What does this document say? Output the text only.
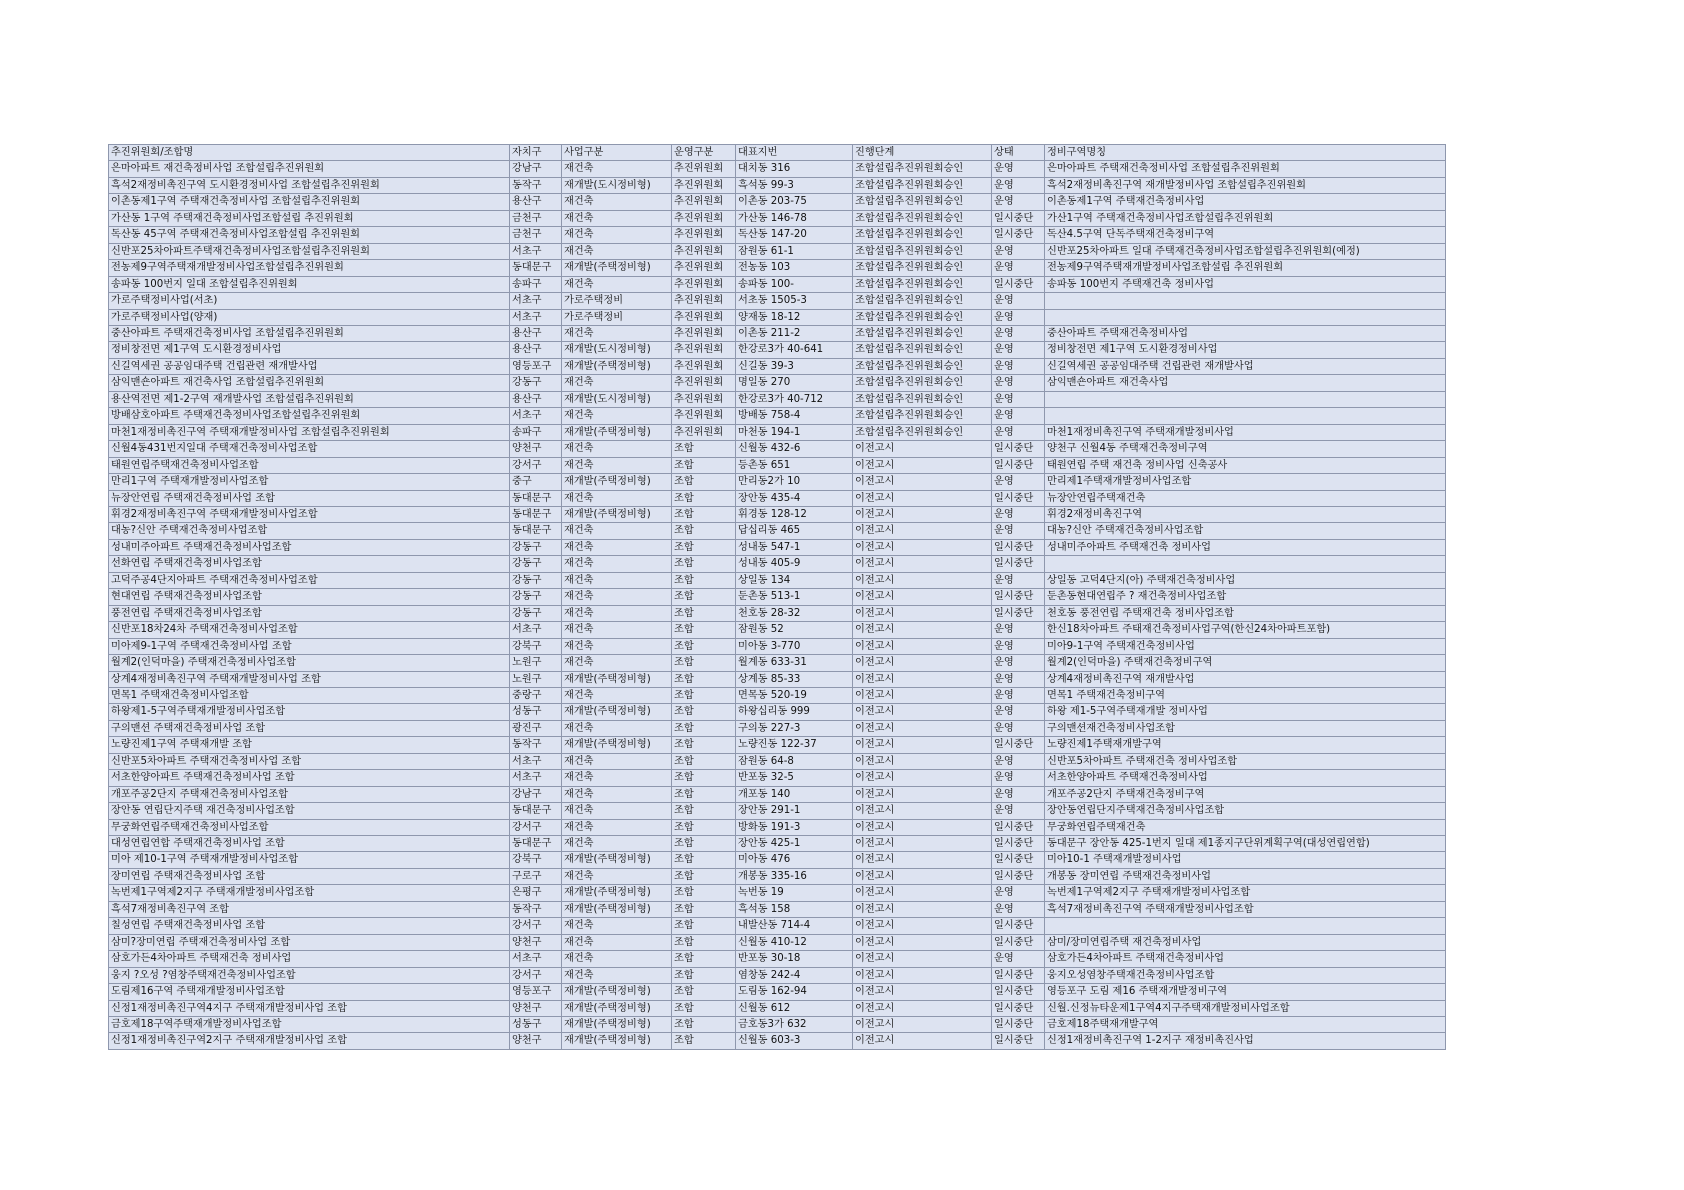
추진위원회/조합명	자치구	사업구분	운영구분	대표지번	진행단계	상태	정비구역명칭
은마아파트 재건축정비사업 조합설립추진위원회	강남구	재건축	추진위원회	대치동 316	조합설립추진위원회승인	운영	은마아파트 주택재건축정비사업 조합설립추진위원회
흑석2재정비촉진구역 도시환경정비사업 조합설립추진위원회	동작구	재개발(도시정비형)	추진위원회	흑석동 99-3	조합설립추진위원회승인	운영	흑석2재정비촉진구역 재개발정비사업 조합설립추진위원회
이촌동제1구역 주택재건축정비사업 조합설립추진위원회	용산구	재건축	추진위원회	이촌동 203-75	조합설립추진위원회승인	운영	이촌동제1구역 주택재건축정비사업
가산동 1구역 주택재건축정비사업조합설립 추진위원회	금천구	재건축	추진위원회	가산동 146-78	조합설립추진위원회승인	일시중단	가산1구역 주택재건축정비사업조합설립추진위원회
독산동 45구역 주택재건축정비사업조합설립 추진위원회	금천구	재건축	추진위원회	독산동 147-20	조합설립추진위원회승인	일시중단	독산4.5구역 단독주택재건축정비구역
신반포25차아파트주택재건축정비사업조합설립추진위원회	서초구	재건축	추진위원회	잠원동 61-1	조합설립추진위원회승인	운영	신반포25차아파트 일대 주택재건축정비사업조합설립추진위원회(예정)
전농제9구역주택재개발정비사업조합설립추진위원회	동대문구	재개발(주택정비형)	추진위원회	전농동 103	조합설립추진위원회승인	운영	전농제9구역주택재개발정비사업조합설립 추진위원회
송파동 100번지 일대 조합설립추진위원회	송파구	재건축	추진위원회	송파동 100-	조합설립추진위원회승인	일시중단	송파동 100번지 주택재건축 정비사업
가로주택정비사업(서초)	서초구	가로주택정비	추진위원회	서초동 1505-3	조합설립추진위원회승인	운영	
가로주택정비사업(양재)	서초구	가로주택정비	추진위원회	양재동 18-12	조합설립추진위원회승인	운영	
중산아파트 주택재건축정비사업 조합설립추진위원회	용산구	재건축	추진위원회	이촌동 211-2	조합설립추진위원회승인	운영	중산아파트 주택재건축정비사업
정비창전면 제1구역 도시환경정비사업	용산구	재개발(도시정비형)	추진위원회	한강로3가 40-641	조합설립추진위원회승인	운영	정비창전면 제1구역 도시환경정비사업
신길역세권 공공임대주택 건립관련 재개발사업	영등포구	재개발(주택정비형)	추진위원회	신길동 39-3	조합설립추진위원회승인	운영	신길역세권 공공임대주택 건립관련 재개발사업
삼익맨숀아파트 재건축사업 조합설립추진위원회	강동구	재건축	추진위원회	명일동 270	조합설립추진위원회승인	운영	삼익맨숀아파트 재건축사업
용산역전면 제1-2구역 재개발사업 조합설립추진위원회	용산구	재개발(도시정비형)	추진위원회	한강로3가 40-712	조합설립추진위원회승인	운영	
방배삼호아파트 주택재건축정비사업조합설립추진위원회	서초구	재건축	추진위원회	방배동 758-4	조합설립추진위원회승인	운영	
마천1재정비촉진구역 주택재개발정비사업 조합설립추진위원회	송파구	재개발(주택정비형)	추진위원회	마천동 194-1	조합설립추진위원회승인	운영	마천1재정비촉진구역 주택재개발정비사업
신월4동431번지일대 주택재건축정비사업조합	양천구	재건축	조합	신월동 432-6	이전고시	일시중단	양천구 신월4동 주택재건축정비구역
태원연립주택재건축정비사업조합	강서구	재건축	조합	등촌동 651	이전고시	일시중단	태원연립 주택 재건축 정비사업 신축공사
만리1구역 주택재개발정비사업조합	중구	재개발(주택정비형)	조합	만리동2가 10	이전고시	운영	만리제1주택재개발정비사업조합
뉴장안연립 주택재건축정비사업 조합	동대문구	재건축	조합	장안동 435-4	이전고시	일시중단	뉴장안연립주택재건축
휘경2재정비촉진구역 주택재개발정비사업조합	동대문구	재개발(주택정비형)	조합	휘경동 128-12	이전고시	운영	휘경2재정비촉진구역
대농?신안 주택재건축정비사업조합	동대문구	재건축	조합	답십리동 465	이전고시	운영	대농?신안 주택재건축정비사업조합
성내미주아파트 주택재건축정비사업조합	강동구	재건축	조합	성내동 547-1	이전고시	일시중단	성내미주아파트 주택재건축 정비사업
선화연립 주택재건축정비사업조합	강동구	재건축	조합	성내동 405-9	이전고시	일시중단	
고덕주공4단지아파트 주택재건축정비사업조합	강동구	재건축	조합	상일동 134	이전고시	운영	상일동 고덕4단지(아) 주택재건축정비사업
현대연립 주택재건축정비사업조합	강동구	재건축	조합	둔촌동 513-1	이전고시	일시중단	둔촌동현대연립주 ? 재건축정비사업조합
풍전연립 주택재건축정비사업조합	강동구	재건축	조합	천호동 28-32	이전고시	일시중단	천호동 풍전연립 주택재건축 정비사업조합
신반포18차24차 주택재건축정비사업조합	서초구	재건축	조합	잠원동 52	이전고시	운영	한신18차아파트 주태재건축정비사업구역(한신24차아파트포함)
미아제9-1구역 주택재건축정비사업 조합	강북구	재건축	조합	미아동 3-770	이전고시	운영	미아9-1구역 주택재건축정비사업
월계2(인덕마을) 주택재건축정비사업조합	노원구	재건축	조합	월계동 633-31	이전고시	운영	월계2(인덕마을) 주택재건축정비구역
상계4재정비촉진구역 주택재개발정비사업 조합	노원구	재개발(주택정비형)	조합	상계동 85-33	이전고시	운영	상계4재정비촉진구역 재개발사업
면목1 주택재건축정비사업조합	중랑구	재건축	조합	면목동 520-19	이전고시	운영	면목1 주택재건축정비구역
하왕제1-5구역주택재개발정비사업조합	성동구	재개발(주택정비형)	조합	하왕십리동 999	이전고시	운영	하왕 제1-5구역주택재개발 정비사업
구의맨션 주택재건축정비사업 조합	광진구	재건축	조합	구의동 227-3	이전고시	운영	구의맨션재건축정비사업조합
노량진제1구역 주택재개발 조합	동작구	재개발(주택정비형)	조합	노량진동 122-37	이전고시	일시중단	노량진제1주택재개발구역
신반포5차아파트 주택재건축정비사업 조합	서초구	재건축	조합	잠원동 64-8	이전고시	운영	신반포5차아파트 주택재건축 정비사업조합
서초한양아파트 주택재건축정비사업 조합	서초구	재건축	조합	반포동 32-5	이전고시	운영	서초한양아파트 주택재건축정비사업
개포주공2단지 주택재건축정비사업조합	강남구	재건축	조합	개포동 140	이전고시	운영	개포주공2단지 주택재건축정비구역
장안동 연립단지주택 재건축정비사업조합	동대문구	재건축	조합	장안동 291-1	이전고시	운영	장안동연립단지주택재건축정비사업조합
무궁화연립주택재건축정비사업조합	강서구	재건축	조합	방화동 191-3	이전고시	일시중단	무궁화연립주택재건축
대성연립연합 주택재건축정비사업 조합	동대문구	재건축	조합	장안동 425-1	이전고시	일시중단	동대문구 장안동 425-1번지 일대 제1종지구단위계획구역(대성연립연합)
미아 제10-1구역 주택재개발정비사업조합	강북구	재개발(주택정비형)	조합	미아동 476	이전고시	일시중단	미아10-1 주택재개발정비사업
장미연립 주택재건축정비사업 조합	구로구	재건축	조합	개봉동 335-16	이전고시	일시중단	개봉동 장미연립 주택재건축정비사업
녹번제1구역제2지구 주택재개발정비사업조합	은평구	재개발(주택정비형)	조합	녹번동 19	이전고시	운영	녹번제1구역제2지구 주택재개발정비사업조합
흑석7재정비촉진구역 조합	동작구	재개발(주택정비형)	조합	흑석동 158	이전고시	운영	흑석7재정비촉진구역 주택재개발정비사업조합
칠성연립 주택재건축정비사업 조합	강서구	재건축	조합	내발산동 714-4	이전고시	일시중단	
삼미?장미연립 주택재건축정비사업 조합	양천구	재건축	조합	신월동 410-12	이전고시	일시중단	삼미/장미연립주택 재건축정비사업
삼호가든4차아파트 주택재건축 정비사업	서초구	재건축	조합	반포동 30-18	이전고시	운영	삼호가든4차아파트 주택재건축정비사업
웅지 ?오성 ?염창주택재건축정비사업조합	강서구	재건축	조합	염창동 242-4	이전고시	일시중단	웅지오성염창주택재건축정비사업조합
도림제16구역 주택재개발정비사업조합	영등포구	재개발(주택정비형)	조합	도림동 162-94	이전고시	일시중단	영등포구 도림 제16 주택재개발정비구역
신정1재정비촉진구역4지구 주택재개발정비사업 조합	양천구	재개발(주택정비형)	조합	신월동 612	이전고시	일시중단	신월.신정뉴타운제1구역4지구주택재개발정비사업조합
금호제18구역주택재개발정비사업조합	성동구	재개발(주택정비형)	조합	금호동3가 632	이전고시	일시중단	금호제18주택재개발구역
신정1재정비촉진구역2지구 주택재개발정비사업 조합	양천구	재개발(주택정비형)	조합	신월동 603-3	이전고시	일시중단	신정1재정비촉진구역 1-2지구 재정비촉진사업
